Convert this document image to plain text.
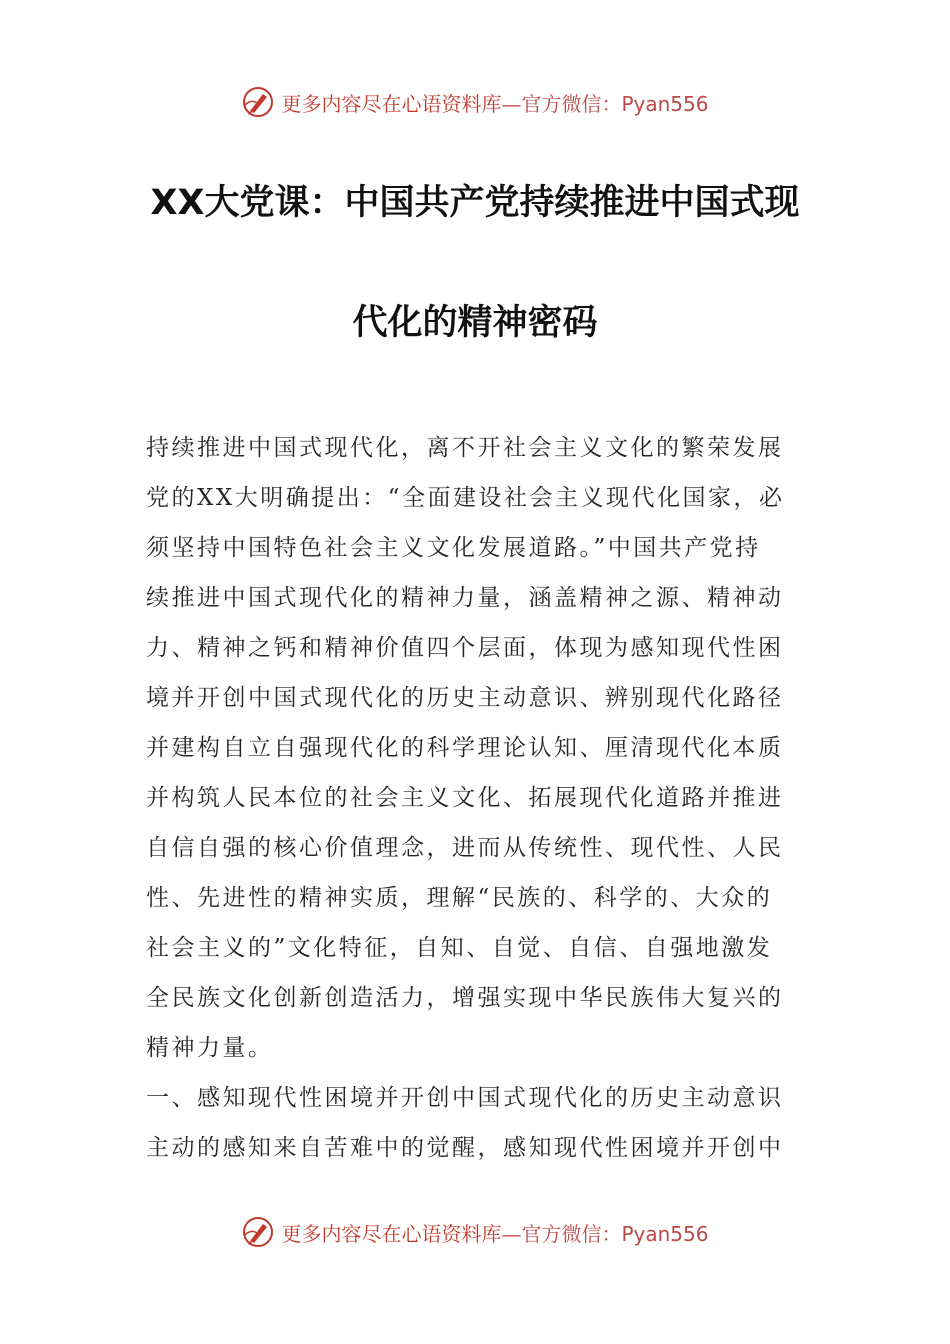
更多内容尽在心语资料库— 官方微信：Pyan556
XX大党课：中国共产党持续推进中国式现
代化的精神密码
持续推进中国式现代化，离不开社会主义文化的繁荣发展
党的XX大明确提出：“全面建设社会主义现代化国家，必
须坚持中国特色社会主义文化发展道路。”中国共产党持
续推进中国式现代化的精神力量，涵盖精神之源、精神动
力、精神之钙和精神价值四个层面，体现为感知现代性困
境并开创中国式现代化的历史主动意识、辨别现代化路径
并建构自立自强现代化的科学理论认知、厘清现代化本质
并构筑人民本位的社会主义文化、拓展现代化道路并推进
自信自强的核心价值理念，进而从传统性、现代性、人民
性、先进性的精神实质，理解“民族的、科学的、大众的
社会主义的”文化特征，自知、自觉、自信、自强地激发
全民族文化创新创造活力，增强实现中华民族伟大复兴的
精神力量。
一、感知现代性困境并开创中国式现代化的历史主动意识
主动的感知来自苦难中的觉醒，感知现代性困境并开创中
更多内容尽在心语资料库— 官方微信：Pyan556
